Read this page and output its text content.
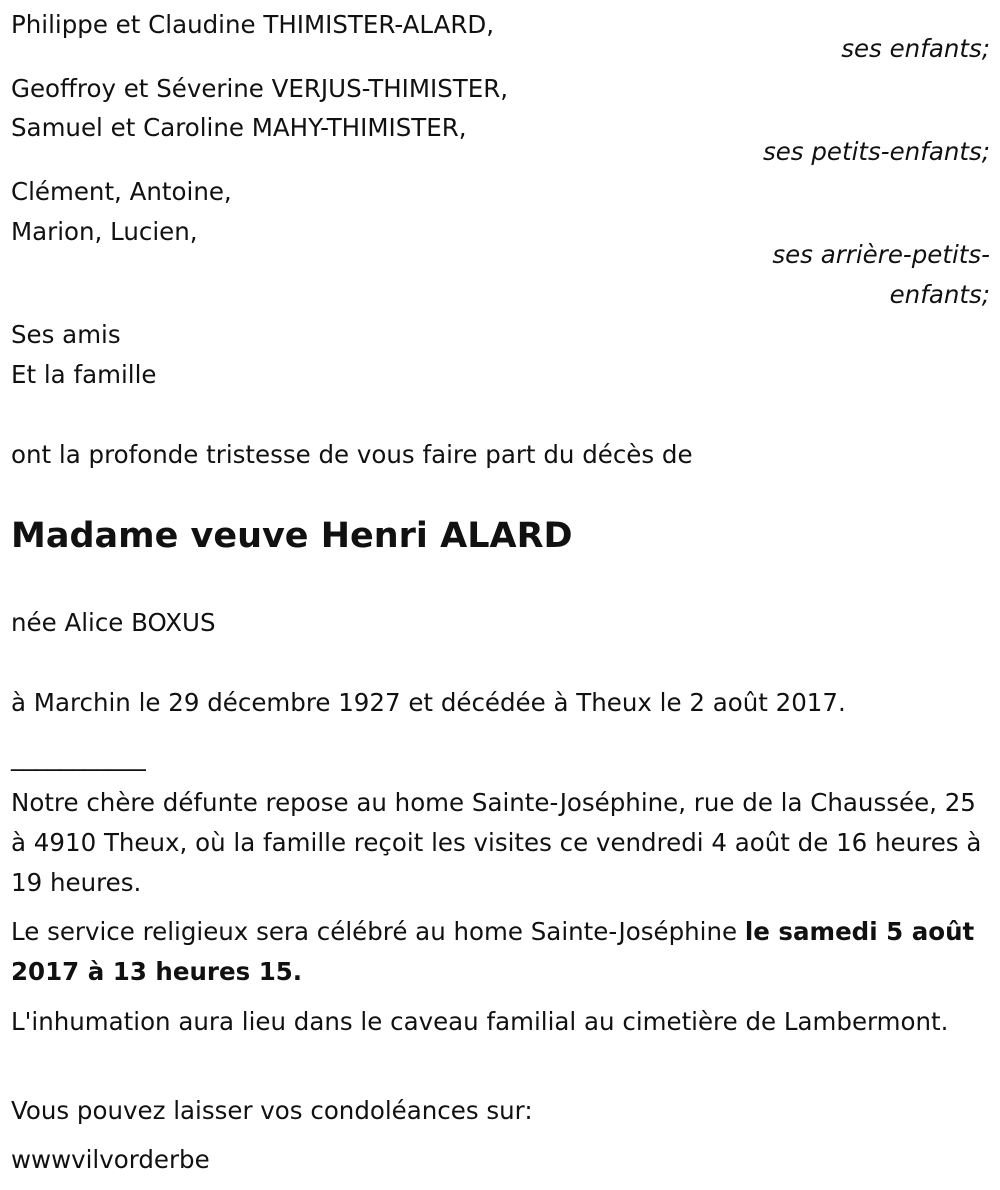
Philippe et Claudine THIMISTER-ALARD,
ses enfants;
Geoffroy et Séverine VERJUS-THIMISTER,
Samuel et Caroline MAHY-THIMISTER,
ses petits-enfants;
Clément, Antoine,
Marion, Lucien,
ses arrière-petits-
enfants;
Ses amis
Et la famille
ont la profonde tristesse de vous faire part du décès de
Madame veuve Henri ALARD
née Alice BOXUS
à Marchin le 29 décembre 1927 et décédée à Theux le 2 août 2017.
___________
Notre chère défunte repose au home Sainte-Joséphine, rue de la Chaussée, 25 à 4910 Theux, où la famille reçoit les visites ce vendredi 4 août de 16 heures à 19 heures.
Le service religieux sera célébré au home Sainte-Joséphine le samedi 5 août 2017 à 13 heures 15.
L'inhumation aura lieu dans le caveau familial au cimetière de Lambermont.
Vous pouvez laisser vos condoléances sur:
wwwvilvorderbe
